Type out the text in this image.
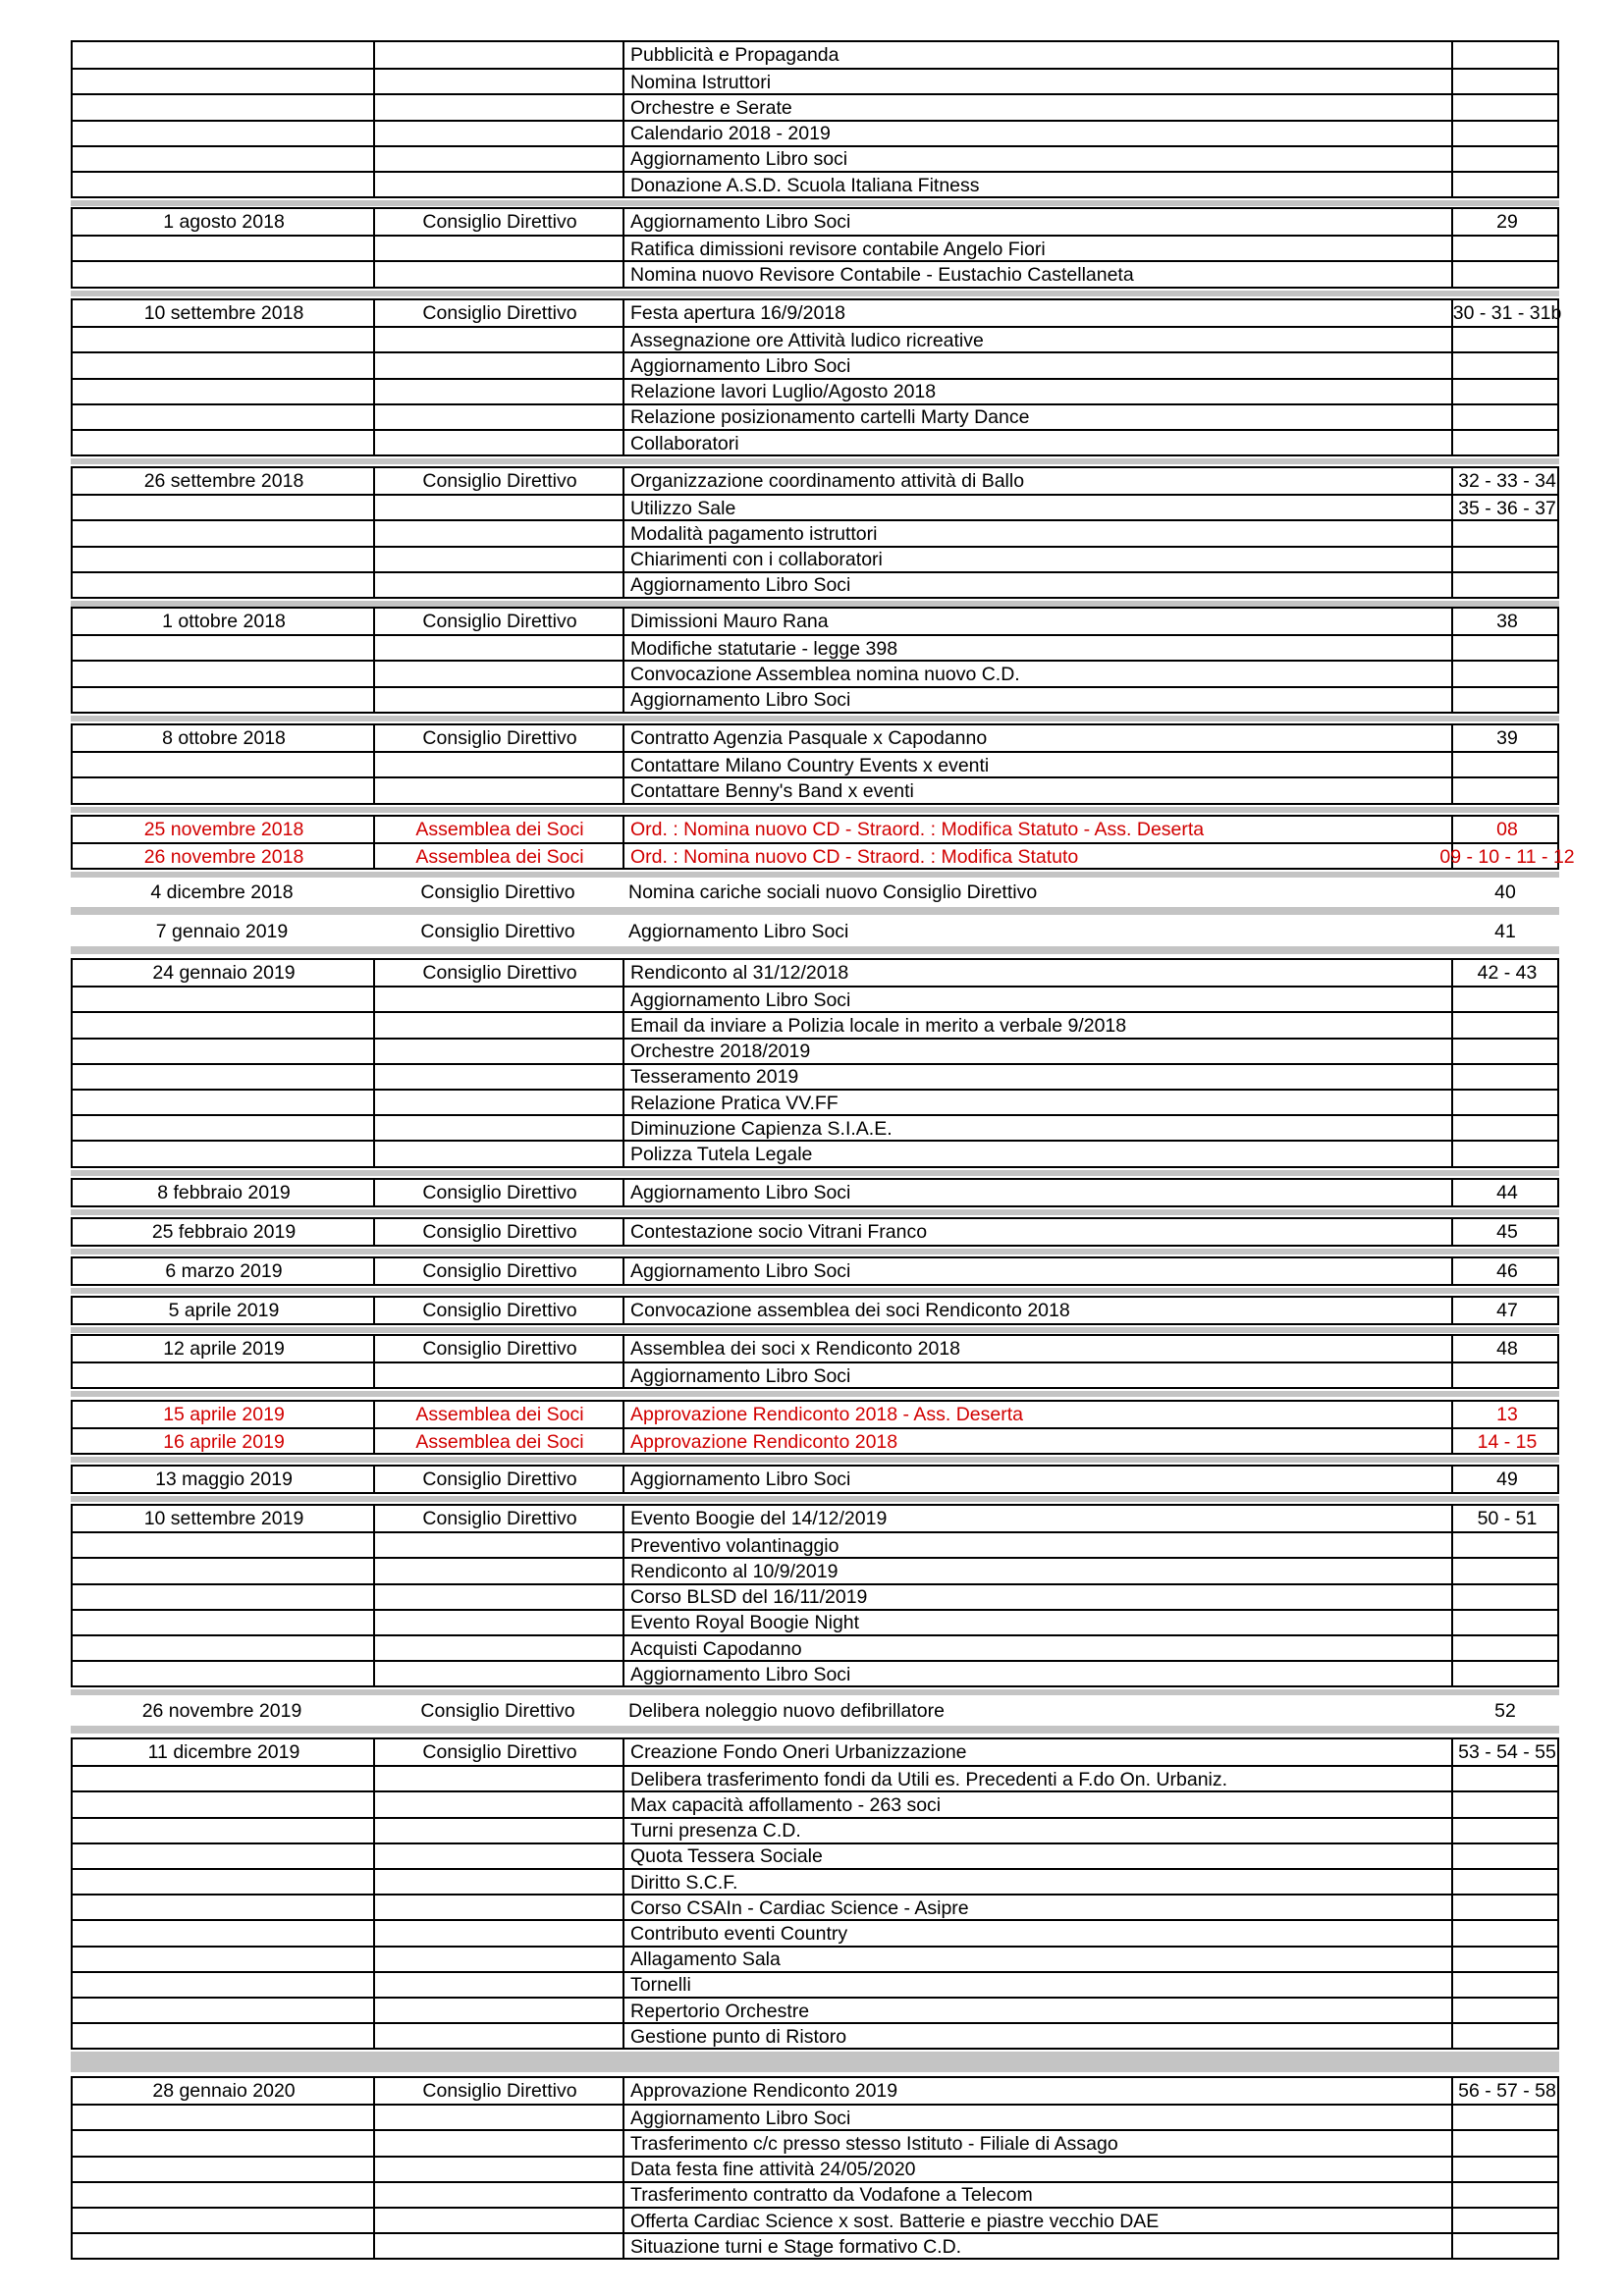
Pubblicità e Propaganda
Nomina Istruttori
Orchestre e Serate
Calendario 2018 - 2019
Aggiornamento Libro soci
Donazione A.S.D. Scuola Italiana Fitness
1 agosto 2018	Consiglio Direttivo	Aggiornamento Libro Soci	29
Ratifica dimissioni revisore contabile Angelo Fiori
Nomina nuovo Revisore Contabile - Eustachio Castellaneta
10 settembre 2018	Consiglio Direttivo	Festa apertura 16/9/2018	30 - 31 - 31b
Assegnazione ore Attività ludico ricreative
Aggiornamento Libro Soci
Relazione lavori Luglio/Agosto 2018
Relazione posizionamento cartelli Marty Dance
Collaboratori
26 settembre 2018	Consiglio Direttivo	Organizzazione coordinamento attività di Ballo	32 - 33 - 34
Utilizzo Sale	35 - 36 - 37
Modalità pagamento istruttori
Chiarimenti con i collaboratori
Aggiornamento Libro Soci
1 ottobre 2018	Consiglio Direttivo	Dimissioni Mauro Rana	38
Modifiche statutarie - legge 398
Convocazione Assemblea nomina nuovo C.D.
Aggiornamento Libro Soci
8 ottobre 2018	Consiglio Direttivo	Contratto Agenzia Pasquale x Capodanno	39
Contattare Milano Country Events x eventi
Contattare Benny's Band x eventi
25 novembre 2018	Assemblea dei Soci	Ord. : Nomina nuovo CD - Straord. : Modifica Statuto - Ass. Deserta	08
26 novembre 2018	Assemblea dei Soci	Ord. : Nomina nuovo CD - Straord. : Modifica Statuto	09 - 10 - 11 - 12
4 dicembre 2018	Consiglio Direttivo	Nomina cariche sociali nuovo Consiglio Direttivo	40
7 gennaio 2019	Consiglio Direttivo	Aggiornamento Libro Soci	41
24 gennaio 2019	Consiglio Direttivo	Rendiconto al 31/12/2018	42 - 43
Aggiornamento Libro Soci
Email da inviare a Polizia locale in merito a verbale 9/2018
Orchestre 2018/2019
Tesseramento 2019
Relazione Pratica VV.FF
Diminuzione Capienza S.I.A.E.
Polizza Tutela Legale
8 febbraio 2019	Consiglio Direttivo	Aggiornamento Libro Soci	44
25 febbraio 2019	Consiglio Direttivo	Contestazione socio Vitrani Franco	45
6 marzo 2019	Consiglio Direttivo	Aggiornamento Libro Soci	46
5 aprile 2019	Consiglio Direttivo	Convocazione assemblea dei soci Rendiconto 2018	47
12 aprile 2019	Consiglio Direttivo	Assemblea dei soci x Rendiconto 2018	48
Aggiornamento Libro Soci
15 aprile 2019	Assemblea dei Soci	Approvazione Rendiconto 2018 - Ass. Deserta	13
16 aprile 2019	Assemblea dei Soci	Approvazione Rendiconto 2018	14 - 15
13 maggio 2019	Consiglio Direttivo	Aggiornamento Libro Soci	49
10 settembre 2019	Consiglio Direttivo	Evento Boogie del 14/12/2019	50 - 51
Preventivo volantinaggio
Rendiconto al 10/9/2019
Corso BLSD del 16/11/2019
Evento Royal Boogie Night
Acquisti Capodanno
Aggiornamento Libro Soci
26 novembre 2019	Consiglio Direttivo	Delibera noleggio nuovo defibrillatore	52
11 dicembre 2019	Consiglio Direttivo	Creazione Fondo Oneri Urbanizzazione	53 - 54 - 55
Delibera trasferimento fondi da Utili es. Precedenti a F.do On. Urbaniz.
Max capacità affollamento - 263 soci
Turni presenza C.D.
Quota Tessera Sociale
Diritto S.C.F.
Corso CSAIn - Cardiac Science - Asipre
Contributo eventi Country
Allagamento Sala
Tornelli
Repertorio Orchestre
Gestione punto di Ristoro
28 gennaio 2020	Consiglio Direttivo	Approvazione Rendiconto 2019	56 - 57 - 58
Aggiornamento Libro Soci
Trasferimento c/c presso stesso Istituto - Filiale di Assago
Data festa fine attività 24/05/2020
Trasferimento contratto da Vodafone a Telecom
Offerta Cardiac Science x sost. Batterie e piastre vecchio DAE
Situazione turni e Stage formativo C.D.
